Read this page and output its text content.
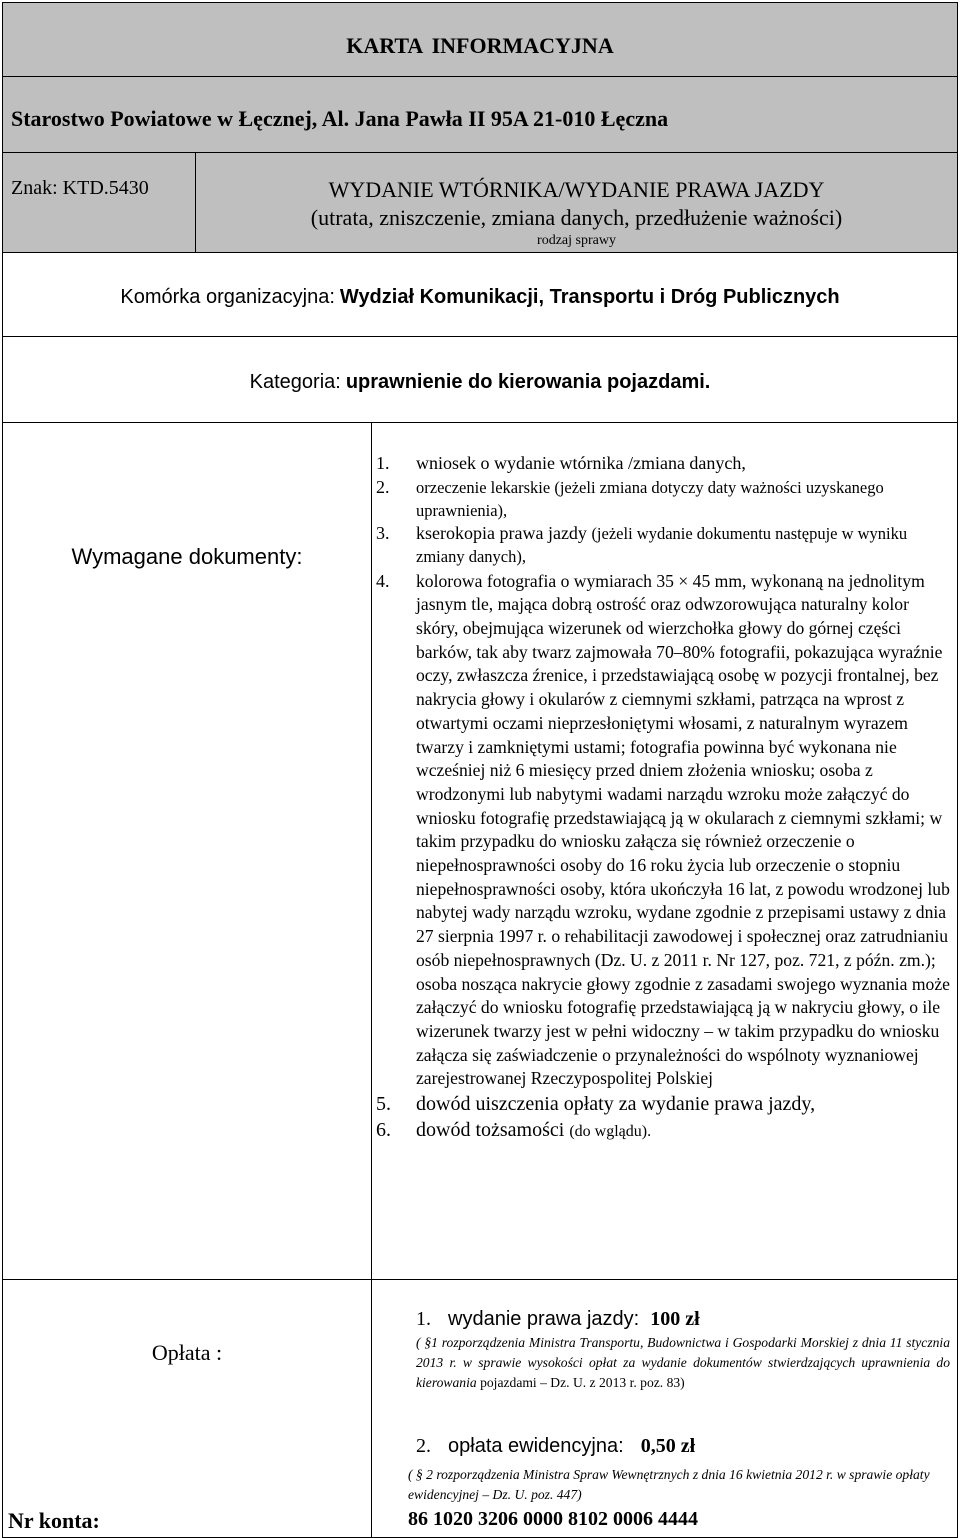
KARTA INFORMACYJNA
Starostwo Powiatowe w Łęcznej, Al. Jana Pawła II 95A 21-010 Łęczna
Znak: KTD.5430	WYDANIE WTÓRNIKA/WYDANIE PRAWA JAZDY
(utrata, zniszczenie, zmiana danych, przedłużenie ważności)
rodzaj sprawy
Komórka organizacyjna: Wydział Komunikacji, Transportu i Dróg Publicznych
Kategoria: uprawnienie do kierowania pojazdami.
Wymagane dokumenty:
1. wniosek o wydanie wtórnika /zmiana danych,
2. orzeczenie lekarskie (jeżeli zmiana dotyczy daty ważności uzyskanego uprawnienia),
3. kserokopia prawa jazdy (jeżeli wydanie dokumentu następuje w wyniku zmiany danych),
4. kolorowa fotografia o wymiarach 35 × 45 mm, wykonaną na jednolitym jasnym tle, mająca dobrą ostrość oraz odwzorowująca naturalny kolor skóry, obejmująca wizerunek od wierzchołka głowy do górnej części barków, tak aby twarz zajmowała 70–80% fotografii, pokazująca wyraźnie oczy, zwłaszcza źrenice, i przedstawiającą osobę w pozycji frontalnej, bez nakrycia głowy i okularów z ciemnymi szkłami, patrząca na wprost z otwartymi oczami nieprzesłoniętymi włosami, z naturalnym wyrazem twarzy i zamkniętymi ustami; fotografia powinna być wykonana nie wcześniej niż 6 miesięcy przed dniem złożenia wniosku; osoba z wrodzonymi lub nabytymi wadami narządu wzroku może załączyć do wniosku fotografię przedstawiającą ją w okularach z ciemnymi szkłami; w takim przypadku do wniosku załącza się również orzeczenie o niepełnosprawności osoby do 16 roku życia lub orzeczenie o stopniu niepełnosprawności osoby, która ukończyła 16 lat, z powodu wrodzonej lub nabytej wady narządu wzroku, wydane zgodnie z przepisami ustawy z dnia 27 sierpnia 1997 r. o rehabilitacji zawodowej i społecznej oraz zatrudnianiu osób niepełnosprawnych (Dz. U. z 2011 r. Nr 127, poz. 721, z późn. zm.); osoba nosząca nakrycie głowy zgodnie z zasadami swojego wyznania może załączyć do wniosku fotografię przedstawiającą ją w nakryciu głowy, o ile wizerunek twarzy jest w pełni widoczny – w takim przypadku do wniosku załącza się zaświadczenie o przynależności do wspólnoty wyznaniowej zarejestrowanej Rzeczypospolitej Polskiej
5. dowód uiszczenia opłaty za wydanie prawa jazdy,
6. dowód tożsamości (do wglądu).
Opłata :
1. wydanie prawa jazdy: 100 zł
( §1 rozporządzenia Ministra Transportu, Budownictwa i Gospodarki Morskiej z dnia 11 stycznia 2013 r. w sprawie wysokości opłat za wydanie dokumentów stwierdzających uprawnienia do kierowania pojazdami – Dz. U. z 2013 r. poz. 83)
2. opłata ewidencyjna: 0,50 zł
( § 2 rozporządzenia Ministra Spraw Wewnętrznych z dnia 16 kwietnia 2012 r. w sprawie opłaty ewidencyjnej – Dz. U. poz. 447)
86 1020 3206 0000 8102 0006 4444
Nr konta:
